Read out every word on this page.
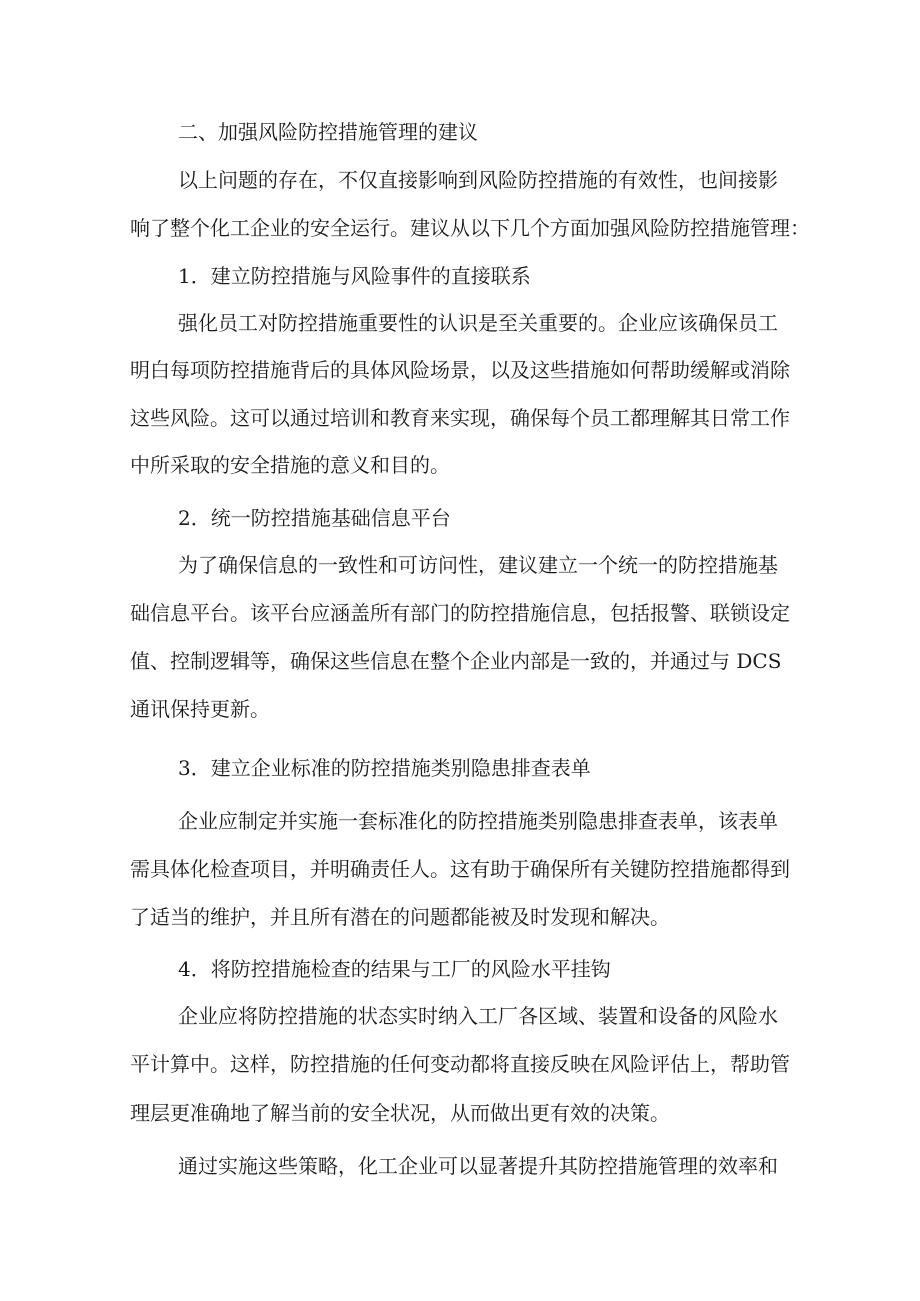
二、加强风险防控措施管理的建议
以上问题的存在，不仅直接影响到风险防控措施的有效性，也间接影
响了整个化工企业的安全运行。建议从以下几个方面加强风险防控措施管理：
1．建立防控措施与风险事件的直接联系
强化员工对防控措施重要性的认识是至关重要的。企业应该确保员工
明白每项防控措施背后的具体风险场景，以及这些措施如何帮助缓解或消除
这些风险。这可以通过培训和教育来实现，确保每个员工都理解其日常工作
中所采取的安全措施的意义和目的。
2．统一防控措施基础信息平台
为了确保信息的一致性和可访问性，建议建立一个统一的防控措施基
础信息平台。该平台应涵盖所有部门的防控措施信息，包括报警、联锁设定
值、控制逻辑等，确保这些信息在整个企业内部是一致的，并通过与 DCS
通讯保持更新。
3．建立企业标准的防控措施类别隐患排查表单
企业应制定并实施一套标准化的防控措施类别隐患排查表单，该表单
需具体化检查项目，并明确责任人。这有助于确保所有关键防控措施都得到
了适当的维护，并且所有潜在的问题都能被及时发现和解决。
4．将防控措施检查的结果与工厂的风险水平挂钩
企业应将防控措施的状态实时纳入工厂各区域、装置和设备的风险水
平计算中。这样，防控措施的任何变动都将直接反映在风险评估上，帮助管
理层更准确地了解当前的安全状况，从而做出更有效的决策。
通过实施这些策略，化工企业可以显著提升其防控措施管理的效率和
